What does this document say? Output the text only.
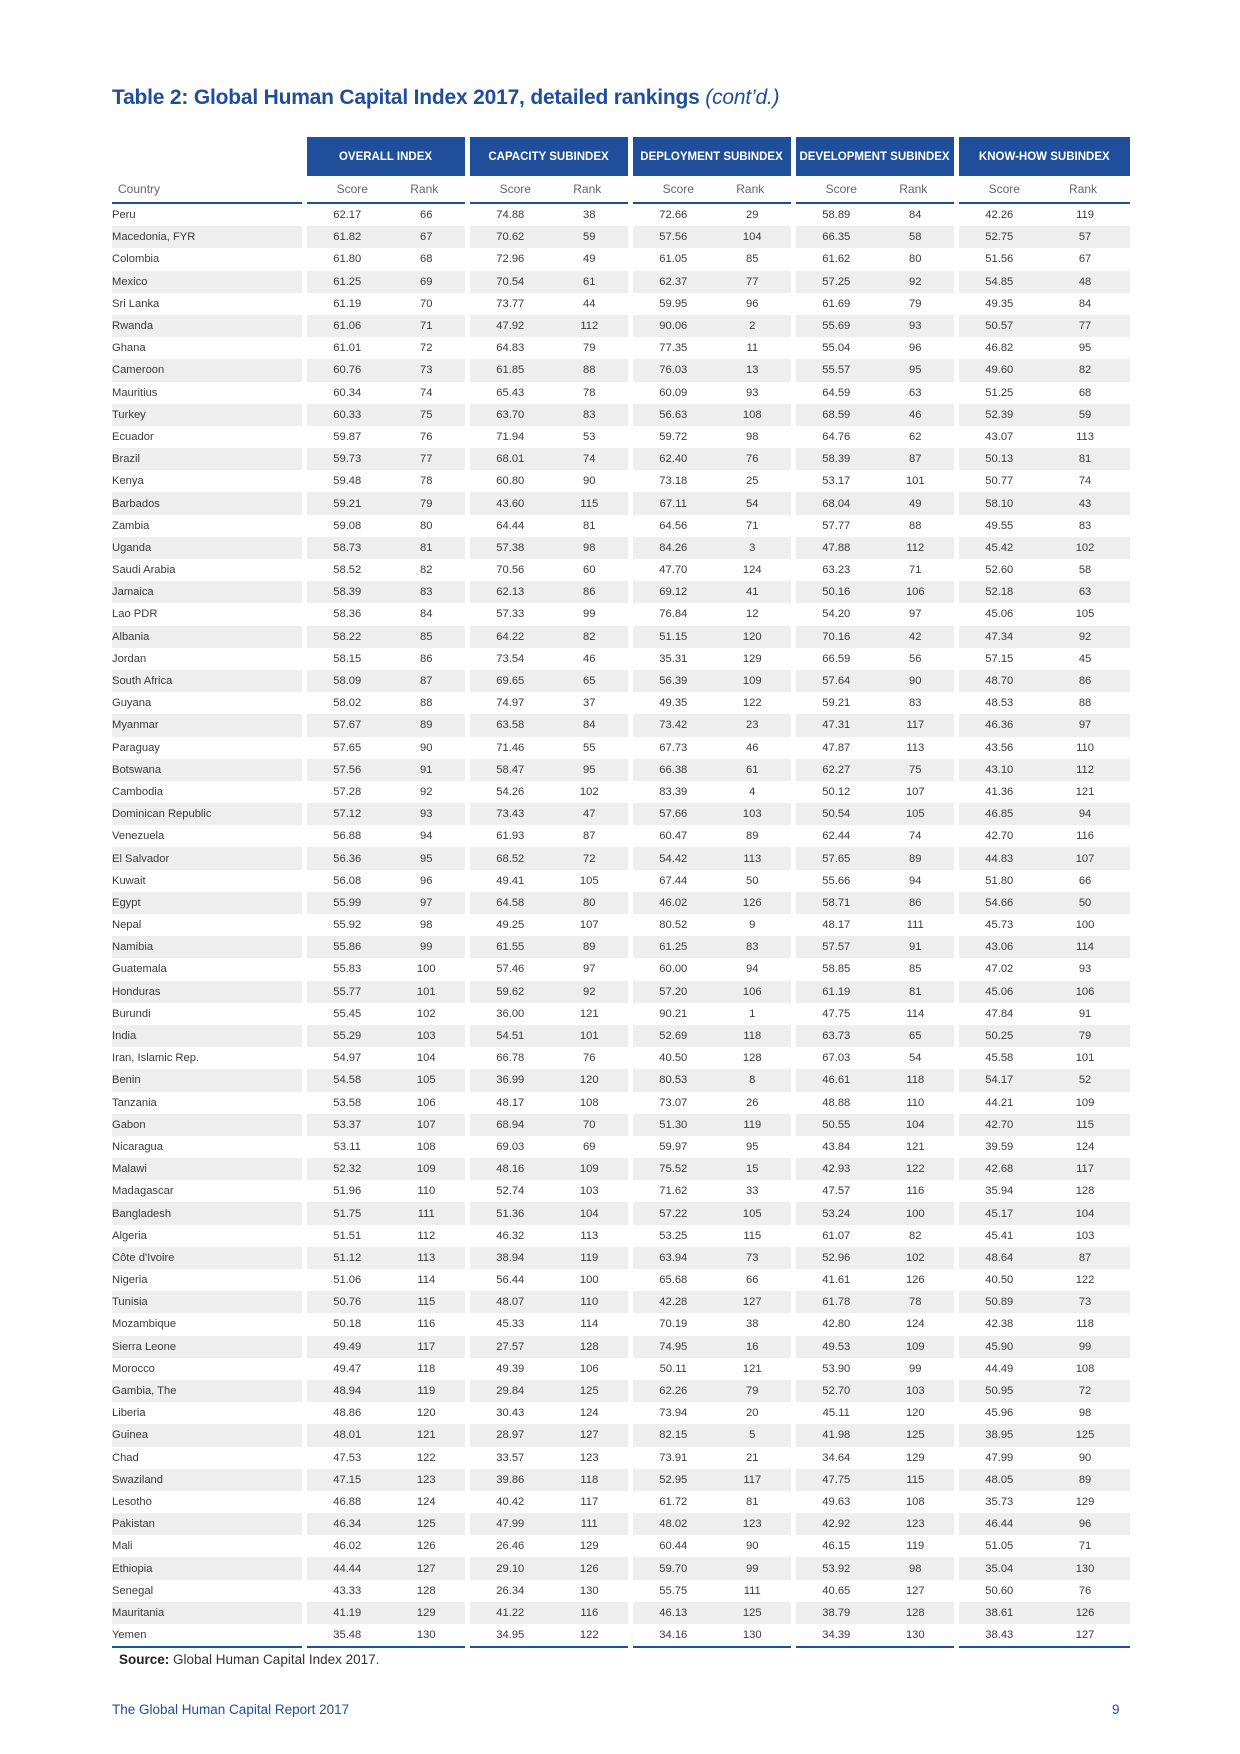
Table 2: Global Human Capital Index 2017, detailed rankings (cont’d.)
	OVERALL INDEX		CAPACITY SUBINDEX		DEPLOYMENT SUBINDEX		DEVELOPMENT SUBINDEX		KNOW-HOW SUBINDEX	
Country	Score	Rank	Score	Rank	Score	Rank	Score	Rank	Score	Rank
Peru	62.17	66	74.88	38	72.66	29	58.89	84	42.26	119
Macedonia, FYR	61.82	67	70.62	59	57.56	104	66.35	58	52.75	57
Colombia	61.80	68	72.96	49	61.05	85	61.62	80	51.56	67
Mexico	61.25	69	70.54	61	62.37	77	57.25	92	54.85	48
Sri Lanka	61.19	70	73.77	44	59.95	96	61.69	79	49.35	84
Rwanda	61.06	71	47.92	112	90.06	2	55.69	93	50.57	77
Ghana	61.01	72	64.83	79	77.35	11	55.04	96	46.82	95
Cameroon	60.76	73	61.85	88	76.03	13	55.57	95	49.60	82
Mauritius	60.34	74	65.43	78	60.09	93	64.59	63	51.25	68
Turkey	60.33	75	63.70	83	56.63	108	68.59	46	52.39	59
Ecuador	59.87	76	71.94	53	59.72	98	64.76	62	43.07	113
Brazil	59.73	77	68.01	74	62.40	76	58.39	87	50.13	81
Kenya	59.48	78	60.80	90	73.18	25	53.17	101	50.77	74
Barbados	59.21	79	43.60	115	67.11	54	68.04	49	58.10	43
Zambia	59.08	80	64.44	81	64.56	71	57.77	88	49.55	83
Uganda	58.73	81	57.38	98	84.26	3	47.88	112	45.42	102
Saudi Arabia	58.52	82	70.56	60	47.70	124	63.23	71	52.60	58
Jamaica	58.39	83	62.13	86	69.12	41	50.16	106	52.18	63
Lao PDR	58.36	84	57.33	99	76.84	12	54.20	97	45.06	105
Albania	58.22	85	64.22	82	51.15	120	70.16	42	47.34	92
Jordan	58.15	86	73.54	46	35.31	129	66.59	56	57.15	45
South Africa	58.09	87	69.65	65	56.39	109	57.64	90	48.70	86
Guyana	58.02	88	74.97	37	49.35	122	59.21	83	48.53	88
Myanmar	57.67	89	63.58	84	73.42	23	47.31	117	46.36	97
Paraguay	57.65	90	71.46	55	67.73	46	47.87	113	43.56	110
Botswana	57.56	91	58.47	95	66.38	61	62.27	75	43.10	112
Cambodia	57.28	92	54.26	102	83.39	4	50.12	107	41.36	121
Dominican Republic	57.12	93	73.43	47	57.66	103	50.54	105	46.85	94
Venezuela	56.88	94	61.93	87	60.47	89	62.44	74	42.70	116
El Salvador	56.36	95	68.52	72	54.42	113	57.65	89	44.83	107
Kuwait	56.08	96	49.41	105	67.44	50	55.66	94	51.80	66
Egypt	55.99	97	64.58	80	46.02	126	58.71	86	54.66	50
Nepal	55.92	98	49.25	107	80.52	9	48.17	111	45.73	100
Namibia	55.86	99	61.55	89	61.25	83	57.57	91	43.06	114
Guatemala	55.83	100	57.46	97	60.00	94	58.85	85	47.02	93
Honduras	55.77	101	59.62	92	57.20	106	61.19	81	45.06	106
Burundi	55.45	102	36.00	121	90.21	1	47.75	114	47.84	91
India	55.29	103	54.51	101	52.69	118	63.73	65	50.25	79
Iran, Islamic Rep.	54.97	104	66.78	76	40.50	128	67.03	54	45.58	101
Benin	54.58	105	36.99	120	80.53	8	46.61	118	54.17	52
Tanzania	53.58	106	48.17	108	73.07	26	48.88	110	44.21	109
Gabon	53.37	107	68.94	70	51.30	119	50.55	104	42.70	115
Nicaragua	53.11	108	69.03	69	59.97	95	43.84	121	39.59	124
Malawi	52.32	109	48.16	109	75.52	15	42.93	122	42.68	117
Madagascar	51.96	110	52.74	103	71.62	33	47.57	116	35.94	128
Bangladesh	51.75	111	51.36	104	57.22	105	53.24	100	45.17	104
Algeria	51.51	112	46.32	113	53.25	115	61.07	82	45.41	103
Côte d'Ivoire	51.12	113	38.94	119	63.94	73	52.96	102	48.64	87
Nigeria	51.06	114	56.44	100	65.68	66	41.61	126	40.50	122
Tunisia	50.76	115	48.07	110	42.28	127	61.78	78	50.89	73
Mozambique	50.18	116	45.33	114	70.19	38	42.80	124	42.38	118
Sierra Leone	49.49	117	27.57	128	74.95	16	49.53	109	45.90	99
Morocco	49.47	118	49.39	106	50.11	121	53.90	99	44.49	108
Gambia, The	48.94	119	29.84	125	62.26	79	52.70	103	50.95	72
Liberia	48.86	120	30.43	124	73.94	20	45.11	120	45.96	98
Guinea	48.01	121	28.97	127	82.15	5	41.98	125	38.95	125
Chad	47.53	122	33.57	123	73.91	21	34.64	129	47.99	90
Swaziland	47.15	123	39.86	118	52.95	117	47.75	115	48.05	89
Lesotho	46.88	124	40.42	117	61.72	81	49.63	108	35.73	129
Pakistan	46.34	125	47.99	111	48.02	123	42.92	123	46.44	96
Mali	46.02	126	26.46	129	60.44	90	46.15	119	51.05	71
Ethiopia	44.44	127	29.10	126	59.70	99	53.92	98	35.04	130
Senegal	43.33	128	26.34	130	55.75	111	40.65	127	50.60	76
Mauritania	41.19	129	41.22	116	46.13	125	38.79	128	38.61	126
Yemen	35.48	130	34.95	122	34.16	130	34.39	130	38.43	127
Source: Global Human Capital Index 2017.
The Global Human Capital Report 2017	9
